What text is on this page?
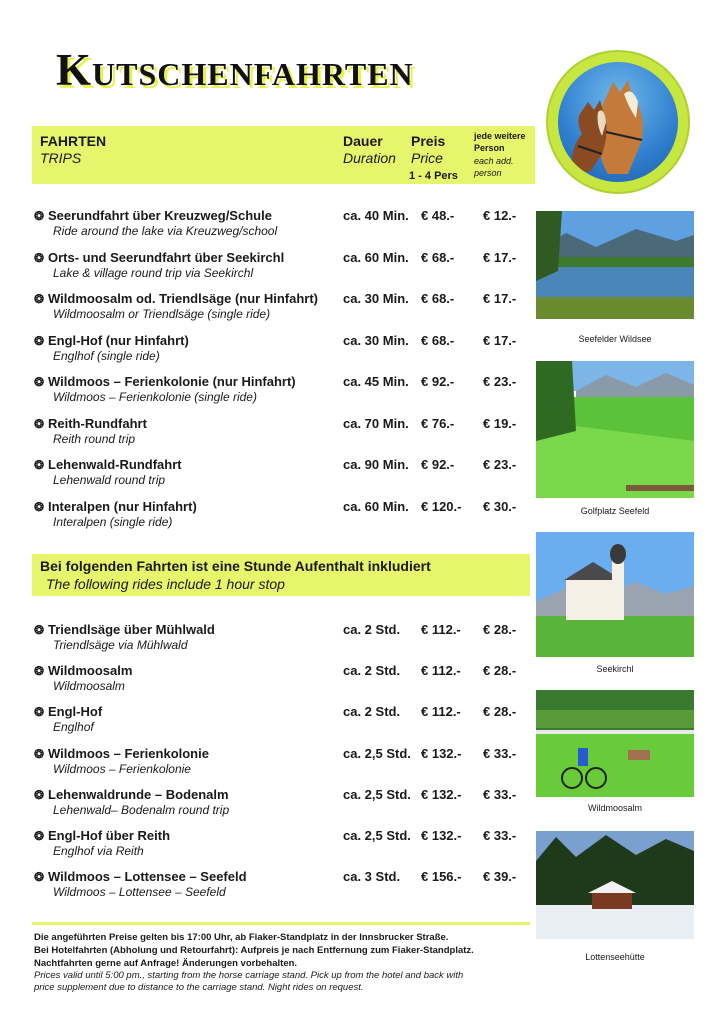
Kutschenfahrten
FAHRTEN
TRIPS
Dauer
Duration
Preis
Price
1 - 4 Pers
jede weitere
Person
each add.
person
❂ Seerundfahrt über Kreuzweg/Schule
Ride around the lake via Kreuzweg/school
ca. 40 Min. € 48.- € 12.-
❂ Orts- und Seerundfahrt über Seekirchl
Lake & village round trip via Seekirchl
ca. 60 Min. € 68.- € 17.-
❂ Wildmoosalm od. Triendlsäge (nur Hinfahrt)
Wildmoosalm or Triendlsäge (single ride)
ca. 30 Min. € 68.- € 17.-
❂ Engl-Hof (nur Hinfahrt)
Englhof (single ride)
ca. 30 Min. € 68.- € 17.-
❂ Wildmoos – Ferienkolonie (nur Hinfahrt)
Wildmoos – Ferienkolonie (single ride)
ca. 45 Min. € 92.- € 23.-
❂ Reith-Rundfahrt
Reith round trip
ca. 70 Min. € 76.- € 19.-
❂ Lehenwald-Rundfahrt
Lehenwald round trip
ca. 90 Min. € 92.- € 23.-
❂ Interalpen (nur Hinfahrt)
Interalpen (single ride)
ca. 60 Min. € 120.- € 30.-
Bei folgenden Fahrten ist eine Stunde Aufenthalt inkludiert
The following rides include 1 hour stop
❂ Triendlsäge über Mühlwald
Triendlsäge via Mühlwald
ca. 2 Std. € 112.- € 28.-
❂ Wildmoosalm
Wildmoosalm
ca. 2 Std. € 112.- € 28.-
❂ Engl-Hof
Englhof
ca. 2 Std. € 112.- € 28.-
❂ Wildmoos – Ferienkolonie
Wildmoos – Ferienkolonie
ca. 2,5 Std. € 132.- € 33.-
❂ Lehenwaldrunde – Bodenalm
Lehenwald– Bodenalm round trip
ca. 2,5 Std. € 132.- € 33.-
❂ Engl-Hof über Reith
Englhof via Reith
ca. 2,5 Std. € 132.- € 33.-
❂ Wildmoos – Lottensee – Seefeld
Wildmoos – Lottensee – Seefeld
ca. 3 Std. € 156.- € 39.-
Seefelder Wildsee
Golfplatz Seefeld
Seekirchl
Wildmoosalm
Lottenseehütte
Die angeführten Preise gelten bis 17:00 Uhr, ab Fiaker-Standplatz in der Innsbrucker Straße.
Bei Hotelfahrten (Abholung und Retourfahrt): Aufpreis je nach Entfernung zum Fiaker-Standplatz.
Nachtfahrten gerne auf Anfrage! Änderungen vorbehalten.
Prices valid until 5:00 pm., starting from the horse carriage stand. Pick up from the hotel and back with
price supplement due to distance to the carriage stand. Night rides on request.
